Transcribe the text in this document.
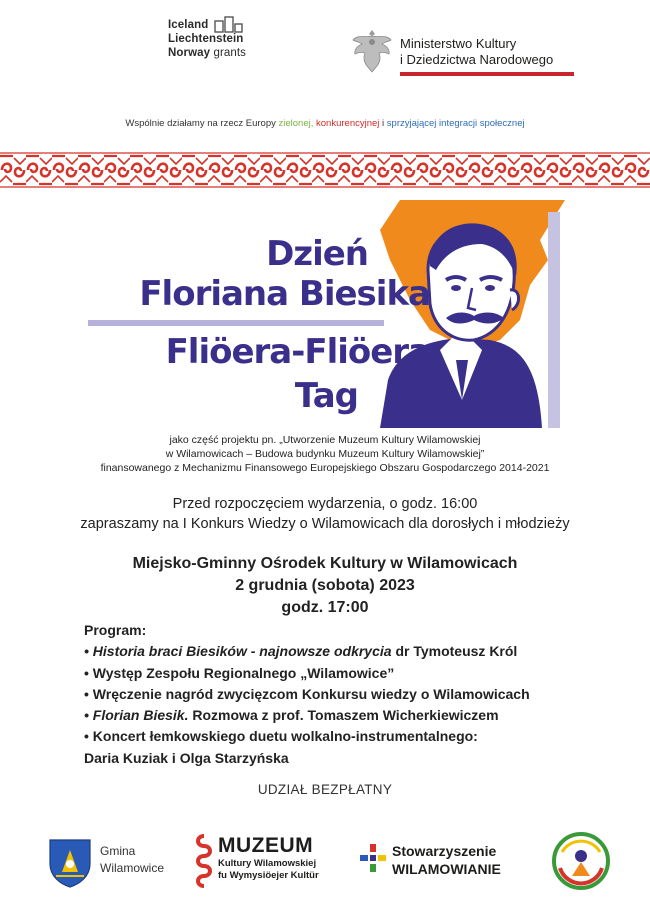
Iceland
Liechtenstein
Norway grants
Ministerstwo Kultury
i Dziedzictwa Narodowego
Wspólnie działamy na rzecz Europy zielonej, konkurencyjnej i sprzyjającej integracji społecznej
Dzień
Floriana Biesika
Fliöera-Fliöera
Tag
jako część projektu pn. „Utworzenie Muzeum Kultury Wilamowskiej
w Wilamowicach – Budowa budynku Muzeum Kultury Wilamowskiej”
finansowanego z Mechanizmu Finansowego Europejskiego Obszaru Gospodarczego 2014-2021
Przed rozpoczęciem wydarzenia, o godz. 16:00
zapraszamy na I Konkurs Wiedzy o Wilamowicach dla dorosłych i młodzieży
Miejsko-Gminny Ośrodek Kultury w Wilamowicach
2 grudnia (sobota) 2023
godz. 17:00
Program:
• Historia braci Biesików - najnowsze odkrycia dr Tymoteusz Król
• Występ Zespołu Regionalnego „Wilamowice”
• Wręczenie nagród zwycięzcom Konkursu wiedzy o Wilamowicach
• Florian Biesik. Rozmowa z prof. Tomaszem Wicherkiewiczem
• Koncert łemkowskiego duetu wolkalno-instrumentalnego:
Daria Kuziak i Olga Starzyńska
UDZIAŁ BEZPŁATNY
Gmina
Wilamowice
MUZEUM
Kultury Wilamowskiej
fu Wymysiöejer Kultür
Stowarzyszenie
WILAMOWIANIE
